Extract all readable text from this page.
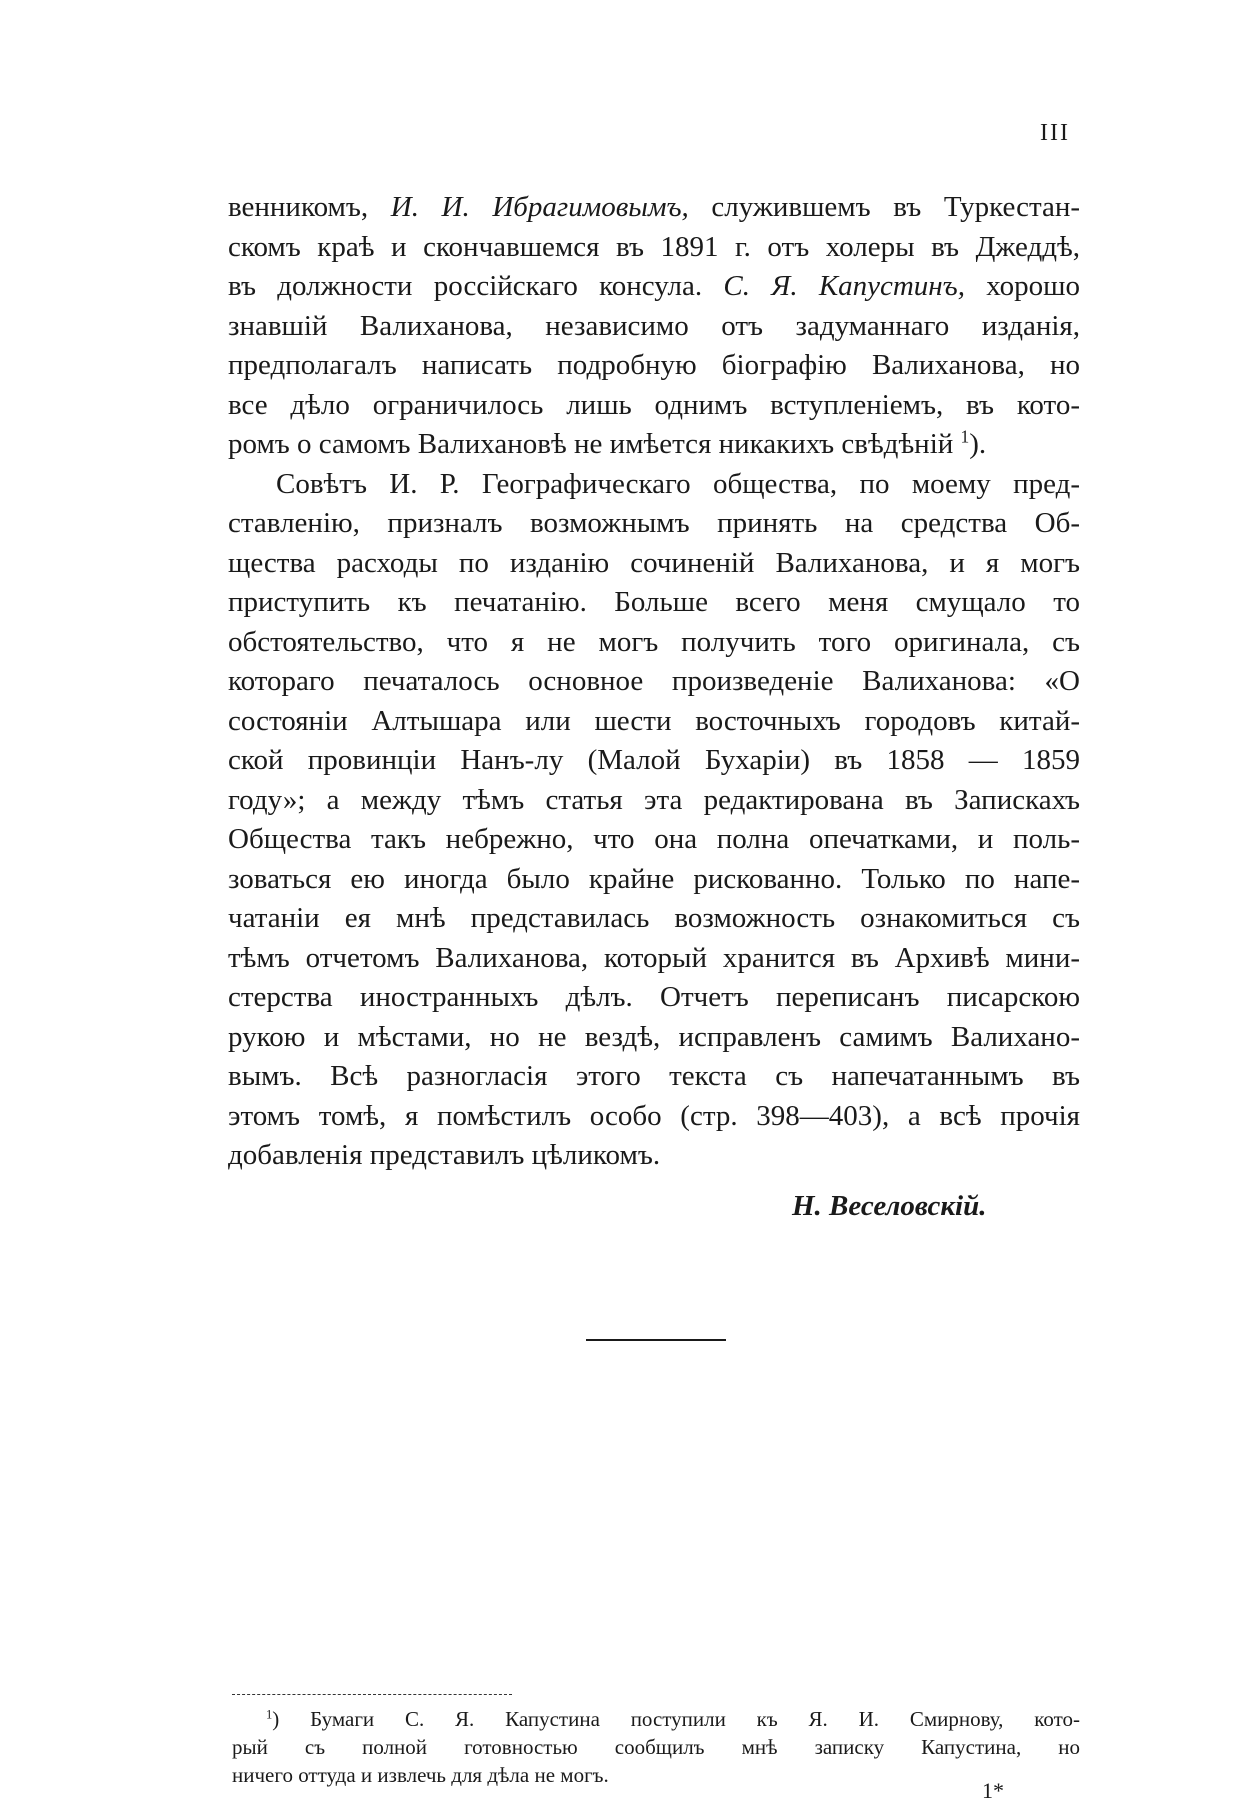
III
венникомъ, И. И. Ибрагимовымъ, служившемъ въ Туркестан-
скомъ краѣ и скончавшемся въ 1891 г. отъ холеры въ Джеддѣ,
въ должности россійскаго консула. С. Я. Капустинъ, хорошо
знавшій Валиханова, независимо отъ задуманнаго изданія,
предполагалъ написать подробную біографію Валиханова, но
все дѣло ограничилось лишь однимъ вступленіемъ, въ кото-
ромъ о самомъ Валихановѣ не имѣется никакихъ свѣдѣній $^1$).
Совѣтъ И. Р. Географическаго общества, по моему пред-
ставленію, призналъ возможнымъ принять на средства Об-
щества расходы по изданію сочиненій Валиханова, и я могъ
приступить къ печатанію. Больше всего меня смущало то
обстоятельство, что я не могъ получить того оригинала, съ
котораго печаталось основное произведеніе Валиханова: «О
состояніи Алтышара или шести восточныхъ городовъ китай-
ской провинціи Нанъ-лу (Малой Бухаріи) въ 1858 — 1859
году»; а между тѣмъ статья эта редактирована въ Запискахъ
Общества такъ небрежно, что она полна опечатками, и поль-
зоваться ею иногда было крайне рискованно. Только по напе-
чатаніи ея мнѣ представилась возможность ознакомиться съ
тѣмъ отчетомъ Валиханова, который хранится въ Архивѣ мини-
стерства иностранныхъ дѣлъ. Отчетъ переписанъ писарскою
рукою и мѣстами, но не вездѣ, исправленъ самимъ Валихано-
вымъ. Всѣ разногласія этого текста съ напечатаннымъ въ
этомъ томѣ, я помѣстилъ особо (стр. 398—403), а всѣ прочія
добавленія представилъ цѣликомъ.
Н. Веселовскій.
$^1$) Бумаги С. Я. Капустина поступили къ Я. И. Смирнову, кото-
рый съ полной готовностью сообщилъ мнѣ записку Капустина, но
ничего оттуда и извлечь для дѣла не могъ.
1*
